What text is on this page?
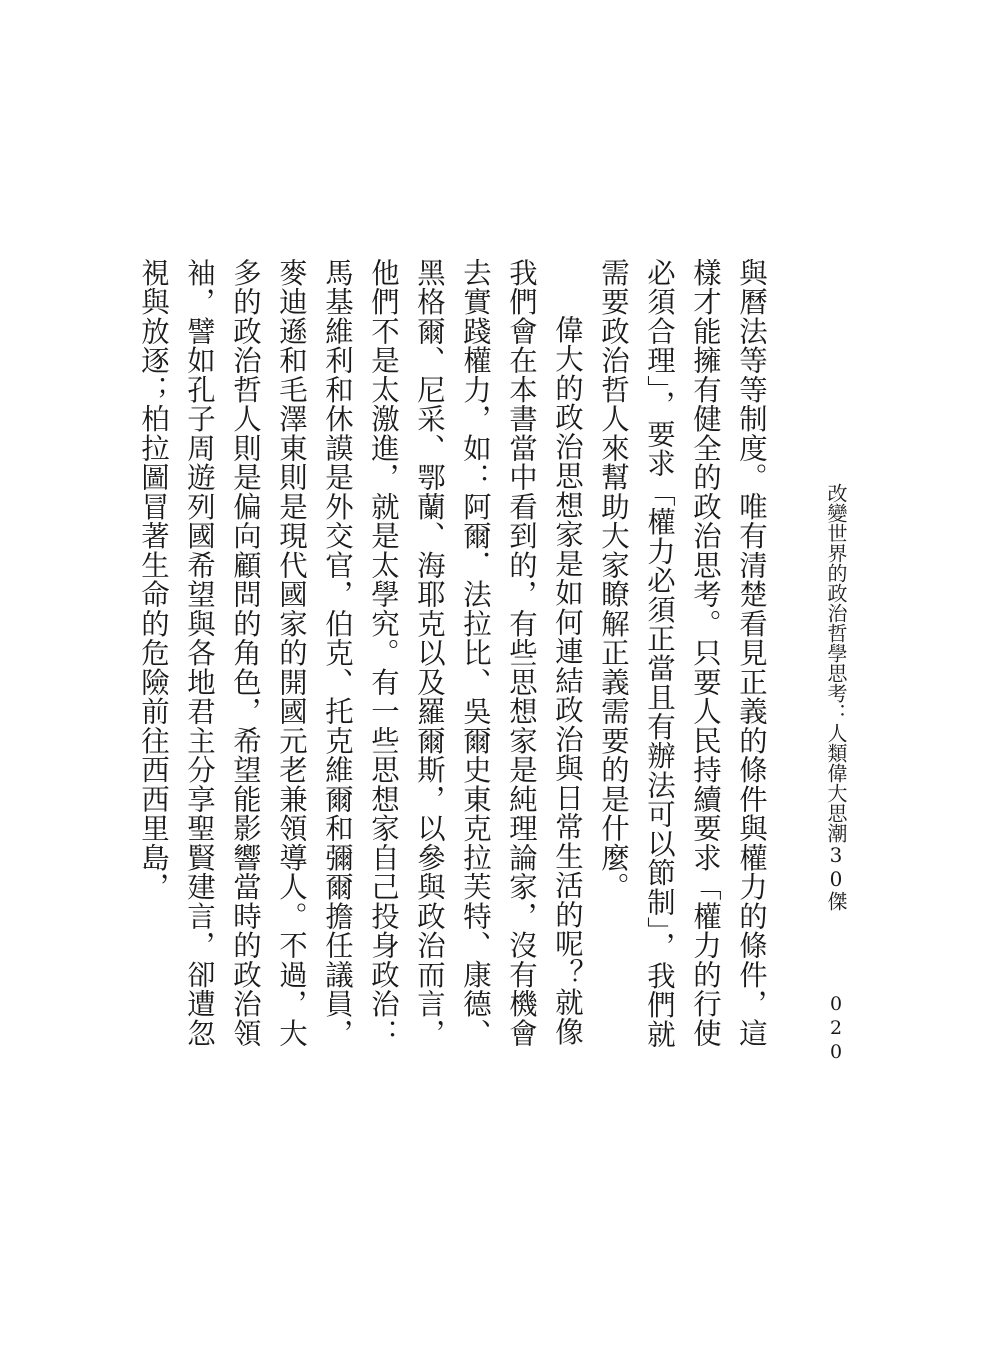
改變世界的政治哲學思考：人類偉大思潮30傑
020

與曆法等等制度。唯有清楚看見正義的條件與權力的條件，這樣才能擁有健全的政治思考。只要人民持續要求「權力的行使必須合理」，要求「權力必須正當且有辦法可以節制」，我們就需要政治哲人來幫助大家瞭解正義需要的是什麼。

偉大的政治思想家是如何連結政治與日常生活的呢？就像我們會在本書當中看到的，有些思想家是純理論家，沒有機會去實踐權力，如：阿爾．法拉比、吳爾史東克拉芙特、康德、黑格爾、尼采、鄂蘭、海耶克以及羅爾斯，以參與政治而言，他們不是太激進，就是太學究。有一些思想家自己投身政治：馬基維利和休謨是外交官，伯克、托克維爾和彌爾擔任議員，麥迪遜和毛澤東則是現代國家的開國元老兼領導人。不過，大多的政治哲人則是偏向顧問的角色，希望能影響當時的政治領袖，譬如孔子周遊列國希望與各地君主分享聖賢建言，卻遭忽視與放逐；柏拉圖冒著生命的危險前往西西里島，
